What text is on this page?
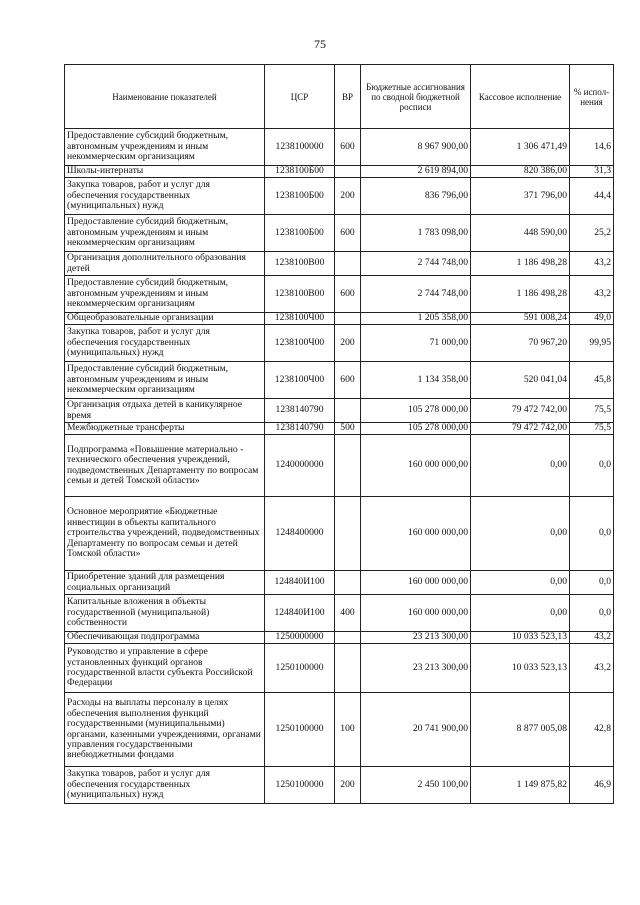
75
Наименование показателей	ЦСР	ВР	Бюджетные ассигнования по сводной бюджетной росписи	Кассовое исполнение	% испол-нения
Предоставление субсидий бюджетным, автономным учреждениям и иным некоммерческим организациям	1238100000	600	8 967 900,00	1 306 471,49	14,6
Школы-интернаты	1238100Б00		2 619 894,00	820 386,00	31,3
Закупка товаров, работ и услуг для обеспечения государственных (муниципальных) нужд	1238100Б00	200	836 796,00	371 796,00	44,4
Предоставление субсидий бюджетным, автономным учреждениям и иным некоммерческим организациям	1238100Б00	600	1 783 098,00	448 590,00	25,2
Организация дополнительного образования детей	1238100В00		2 744 748,00	1 186 498,28	43,2
Предоставление субсидий бюджетным, автономным учреждениям и иным некоммерческим организациям	1238100В00	600	2 744 748,00	1 186 498,28	43,2
Общеобразовательные организации	1238100Ч00		1 205 358,00	591 008,24	49,0
Закупка товаров, работ и услуг для обеспечения государственных (муниципальных) нужд	1238100Ч00	200	71 000,00	70 967,20	99,95
Предоставление субсидий бюджетным, автономным учреждениям и иным некоммерческим организациям	1238100Ч00	600	1 134 358,00	520 041,04	45,8
Организация отдыха детей в каникулярное время	1238140790		105 278 000,00	79 472 742,00	75,5
Межбюджетные трансферты	1238140790	500	105 278 000,00	79 472 742,00	75,5
Подпрограмма «Повышение материально - технического обеспечения учреждений, подведомственных Департаменту по вопросам семьи и детей Томской области»	1240000000		160 000 000,00	0,00	0,0
Основное мероприятие «Бюджетные инвестиции в объекты капитального строительства учреждений, подведомственных Департаменту по вопросам семьи и детей Томской области»	1248400000		160 000 000,00	0,00	0,0
Приобретение зданий для размещения социальных организаций	124840И100		160 000 000,00	0,00	0,0
Капитальные вложения в объекты государственной (муниципальной) собственности	124840И100	400	160 000 000,00	0,00	0,0
Обеспечивающая подпрограмма	1250000000		23 213 300,00	10 033 523,13	43,2
Руководство и управление в сфере установленных функций органов государственной власти субъекта Российской Федерации	1250100000		23 213 300,00	10 033 523,13	43,2
Расходы на выплаты персоналу в целях обеспечения выполнения функций государственными (муниципальными) органами, казенными учреждениями, органами управления государственными внебюджетными фондами	1250100000	100	20 741 900,00	8 877 005,08	42,8
Закупка товаров, работ и услуг для обеспечения государственных (муниципальных) нужд	1250100000	200	2 450 100,00	1 149 875,82	46,9
